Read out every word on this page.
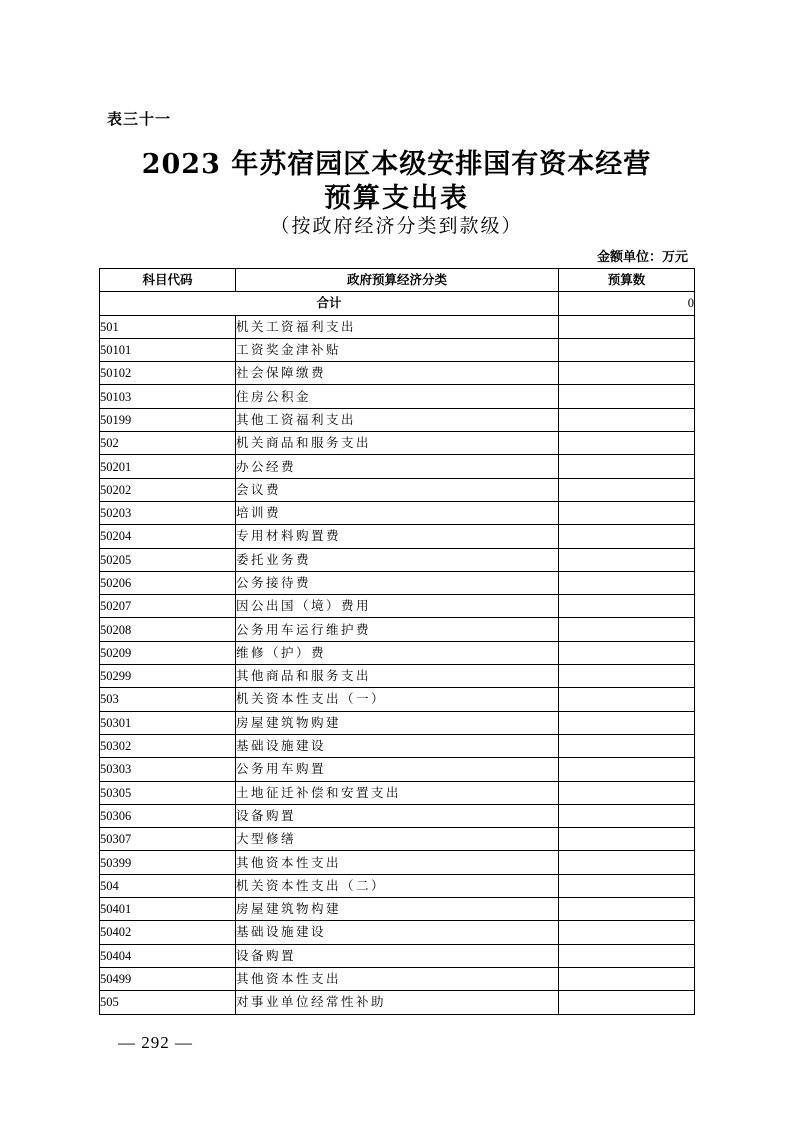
表三十一
2023 年苏宿园区本级安排国有资本经营
预算支出表
（按政府经济分类到款级）
金额单位：万元
科目代码	政府预算经济分类	预算数
合计		0
501	机关工资福利支出	
50101	工资奖金津补贴	
50102	社会保障缴费	
50103	住房公积金	
50199	其他工资福利支出	
502	机关商品和服务支出	
50201	办公经费	
50202	会议费	
50203	培训费	
50204	专用材料购置费	
50205	委托业务费	
50206	公务接待费	
50207	因公出国（境）费用	
50208	公务用车运行维护费	
50209	维修（护）费	
50299	其他商品和服务支出	
503	机关资本性支出（一）	
50301	房屋建筑物购建	
50302	基础设施建设	
50303	公务用车购置	
50305	土地征迁补偿和安置支出	
50306	设备购置	
50307	大型修缮	
50399	其他资本性支出	
504	机关资本性支出（二）	
50401	房屋建筑物构建	
50402	基础设施建设	
50404	设备购置	
50499	其他资本性支出	
505	对事业单位经常性补助	
— 292 —
